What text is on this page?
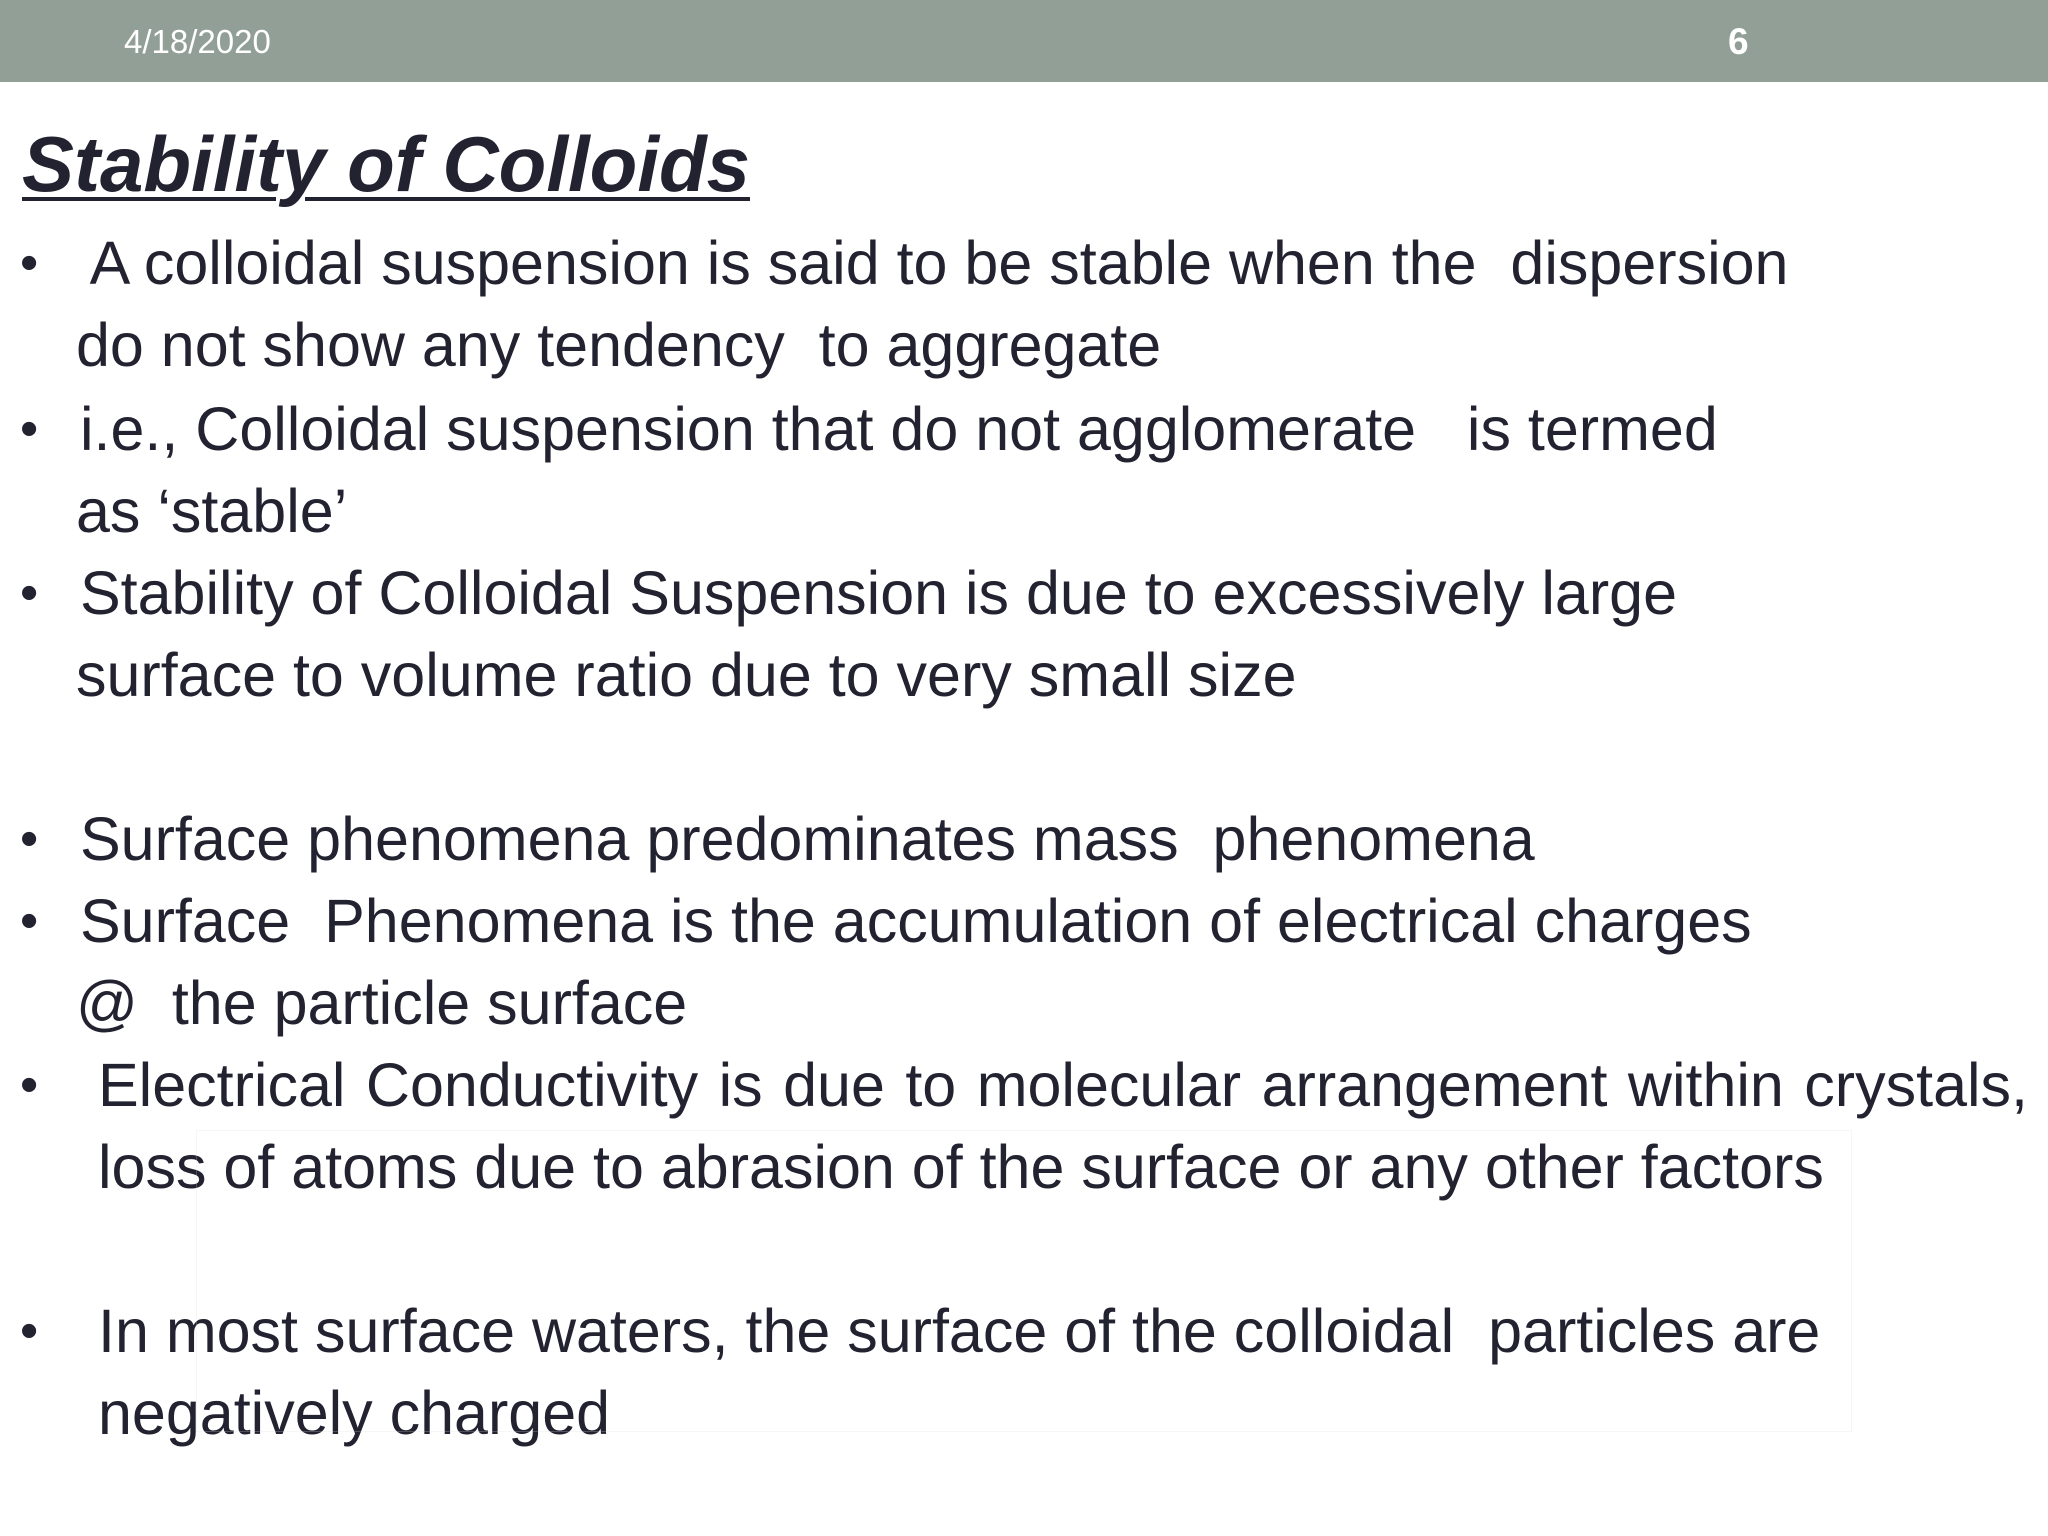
4/18/2020	6
Stability of Colloids
• A colloidal suspension is said to be stable when the  dispersion
do not show any tendency  to aggregate
• i.e., Colloidal suspension that do not agglomerate   is termed
as ‘stable’
• Stability of Colloidal Suspension is due to excessively large
surface to volume ratio due to very small size
• Surface phenomena predominates mass  phenomena
• Surface  Phenomena is the accumulation of electrical charges
@  the particle surface
• Electrical Conductivity is due to molecular arrangement within crystals, loss of atoms due to abrasion of the surface or any other factors
• In most surface waters, the surface of the colloidal  particles are
negatively charged
